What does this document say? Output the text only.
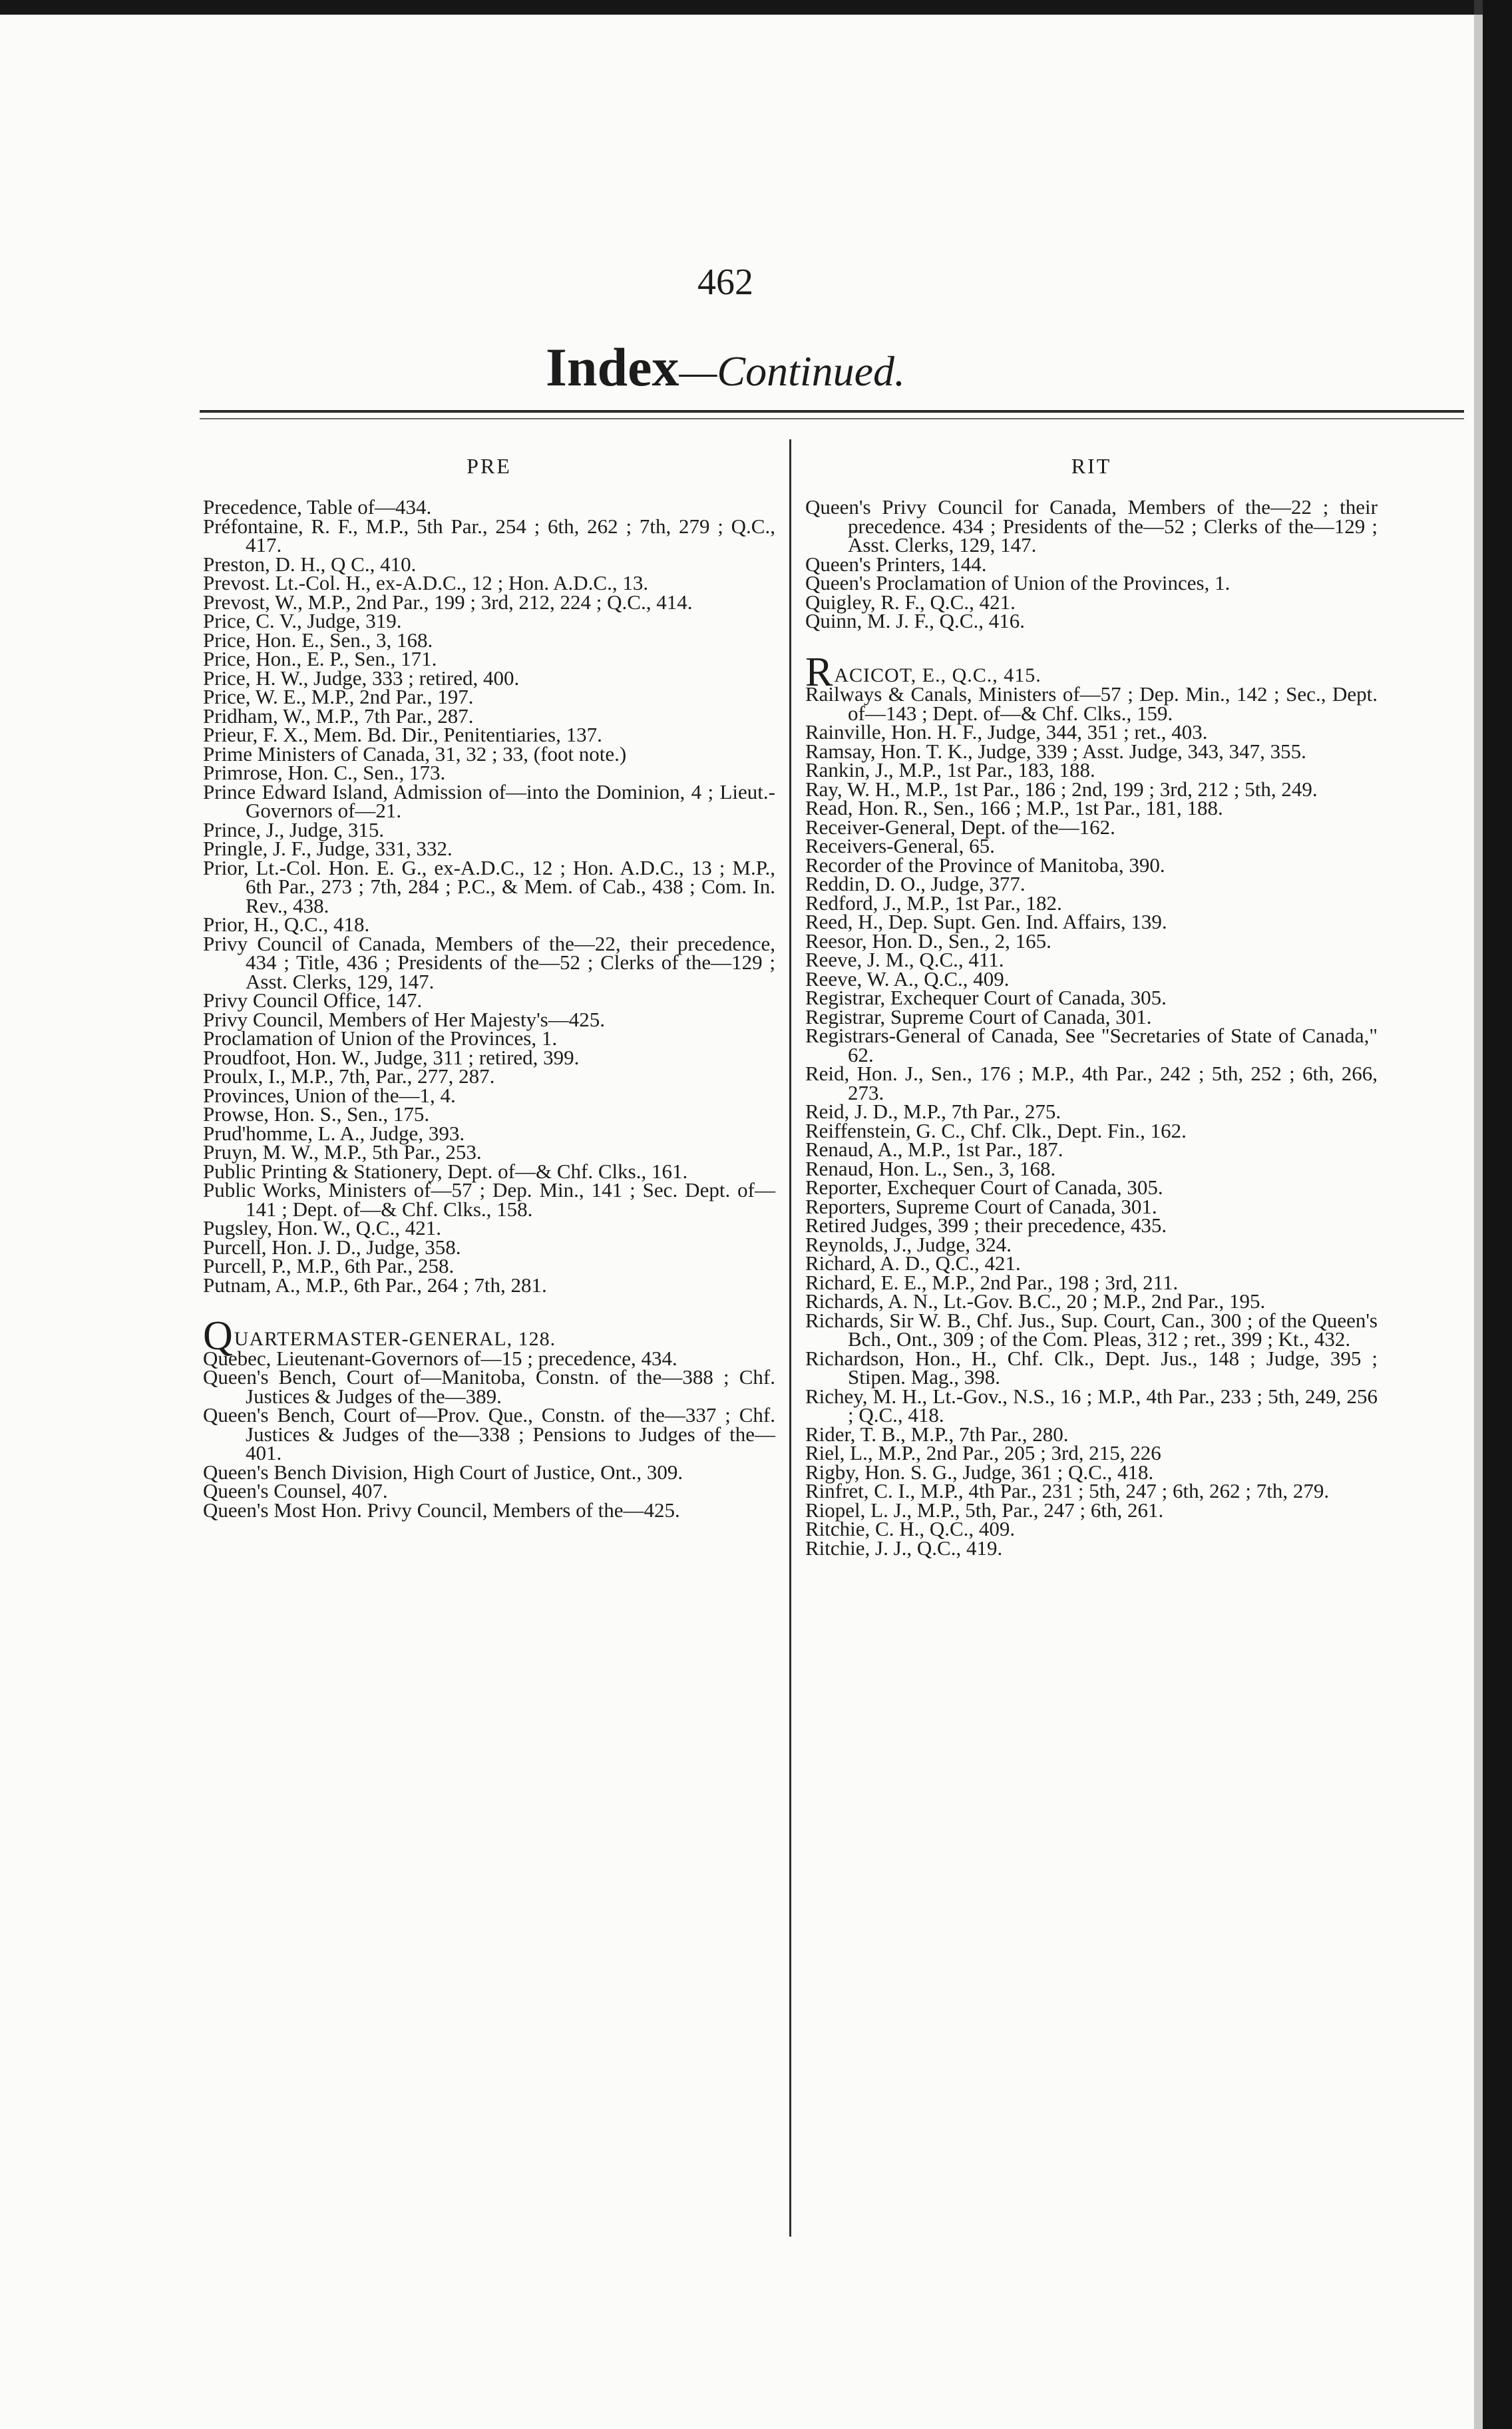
462
Index—Continued.
PRE	RIT

Precedence, Table of—434.

Préfontaine, R. F., M.P., 5th Par., 254 ; 6th, 262 ; 7th, 279 ; Q.C., 417.

Preston, D. H., Q C., 410.

Prevost. Lt.-Col. H., ex-A.D.C., 12 ; Hon. A.D.C., 13.

Prevost, W., M.P., 2nd Par., 199 ; 3rd, 212, 224 ; Q.C., 414.

Price, C. V., Judge, 319.

Price, Hon. E., Sen., 3, 168.

Price, Hon., E. P., Sen., 171.

Price, H. W., Judge, 333 ; retired, 400.

Price, W. E., M.P., 2nd Par., 197.

Pridham, W., M.P., 7th Par., 287.

Prieur, F. X., Mem. Bd. Dir., Penitentiaries, 137.

Prime Ministers of Canada, 31, 32 ; 33, (foot note.)

Primrose, Hon. C., Sen., 173.

Prince Edward Island, Admission of—into the Dominion, 4 ; Lieut.-Governors of—21.

Prince, J., Judge, 315.

Pringle, J. F., Judge, 331, 332.

Prior, Lt.-Col. Hon. E. G., ex-A.D.C., 12 ; Hon. A.D.C., 13 ; M.P., 6th Par., 273 ; 7th, 284 ; P.C., & Mem. of Cab., 438 ; Com. In. Rev., 438.

Prior, H., Q.C., 418.

Privy Council of Canada, Members of the—22, their precedence, 434 ; Title, 436 ; Presidents of the—52 ; Clerks of the—129 ; Asst. Clerks, 129, 147.

Privy Council Office, 147.

Privy Council, Members of Her Majesty's—425.

Proclamation of Union of the Provinces, 1.

Proudfoot, Hon. W., Judge, 311 ; retired, 399.

Proulx, I., M.P., 7th, Par., 277, 287.

Provinces, Union of the—1, 4.

Prowse, Hon. S., Sen., 175.

Prud'homme, L. A., Judge, 393.

Pruyn, M. W., M.P., 5th Par., 253.

Public Printing & Stationery, Dept. of—& Chf. Clks., 161.

Public Works, Ministers of—57 ; Dep. Min., 141 ; Sec. Dept. of—141 ; Dept. of—& Chf. Clks., 158.

Pugsley, Hon. W., Q.C., 421.

Purcell, Hon. J. D., Judge, 358.

Purcell, P., M.P., 6th Par., 258.

Putnam, A., M.P., 6th Par., 264 ; 7th, 281.

QUARTERMASTER-GENERAL, 128.

Quebec, Lieutenant-Governors of—15 ; precedence, 434.

Queen's Bench, Court of—Manitoba, Constn. of the—388 ; Chf. Justices & Judges of the—389.

Queen's Bench, Court of—Prov. Que., Constn. of the—337 ; Chf. Justices & Judges of the—338 ; Pensions to Judges of the—401.

Queen's Bench Division, High Court of Justice, Ont., 309.

Queen's Counsel, 407.

Queen's Most Hon. Privy Council, Members of the—425.

Queen's Privy Council for Canada, Members of the—22 ; their precedence. 434 ; Presidents of the—52 ; Clerks of the—129 ; Asst. Clerks, 129, 147.

Queen's Printers, 144.

Queen's Proclamation of Union of the Provinces, 1.

Quigley, R. F., Q.C., 421.

Quinn, M. J. F., Q.C., 416.

RACICOT, E., Q.C., 415.

Railways & Canals, Ministers of—57 ; Dep. Min., 142 ; Sec., Dept. of—143 ; Dept. of—& Chf. Clks., 159.

Rainville, Hon. H. F., Judge, 344, 351 ; ret., 403.

Ramsay, Hon. T. K., Judge, 339 ; Asst. Judge, 343, 347, 355.

Rankin, J., M.P., 1st Par., 183, 188.

Ray, W. H., M.P., 1st Par., 186 ; 2nd, 199 ; 3rd, 212 ; 5th, 249.

Read, Hon. R., Sen., 166 ; M.P., 1st Par., 181, 188.

Receiver-General, Dept. of the—162.

Receivers-General, 65.

Recorder of the Province of Manitoba, 390.

Reddin, D. O., Judge, 377.

Redford, J., M.P., 1st Par., 182.

Reed, H., Dep. Supt. Gen. Ind. Affairs, 139.

Reesor, Hon. D., Sen., 2, 165.

Reeve, J. M., Q.C., 411.

Reeve, W. A., Q.C., 409.

Registrar, Exchequer Court of Canada, 305.

Registrar, Supreme Court of Canada, 301.

Registrars-General of Canada, See "Secretaries of State of Canada," 62.

Reid, Hon. J., Sen., 176 ; M.P., 4th Par., 242 ; 5th, 252 ; 6th, 266, 273.

Reid, J. D., M.P., 7th Par., 275.

Reiffenstein, G. C., Chf. Clk., Dept. Fin., 162.

Renaud, A., M.P., 1st Par., 187.

Renaud, Hon. L., Sen., 3, 168.

Reporter, Exchequer Court of Canada, 305.

Reporters, Supreme Court of Canada, 301.

Retired Judges, 399 ; their precedence, 435.

Reynolds, J., Judge, 324.

Richard, A. D., Q.C., 421.

Richard, E. E., M.P., 2nd Par., 198 ; 3rd, 211.

Richards, A. N., Lt.-Gov. B.C., 20 ; M.P., 2nd Par., 195.

Richards, Sir W. B., Chf. Jus., Sup. Court, Can., 300 ; of the Queen's Bch., Ont., 309 ; of the Com. Pleas, 312 ; ret., 399 ; Kt., 432.

Richardson, Hon., H., Chf. Clk., Dept. Jus., 148 ; Judge, 395 ; Stipen. Mag., 398.

Richey, M. H., Lt.-Gov., N.S., 16 ; M.P., 4th Par., 233 ; 5th, 249, 256 ; Q.C., 418.

Rider, T. B., M.P., 7th Par., 280.

Riel, L., M.P., 2nd Par., 205 ; 3rd, 215, 226

Rigby, Hon. S. G., Judge, 361 ; Q.C., 418.

Rinfret, C. I., M.P., 4th Par., 231 ; 5th, 247 ; 6th, 262 ; 7th, 279.

Riopel, L. J., M.P., 5th, Par., 247 ; 6th, 261.

Ritchie, C. H., Q.C., 409.

Ritchie, J. J., Q.C., 419.
